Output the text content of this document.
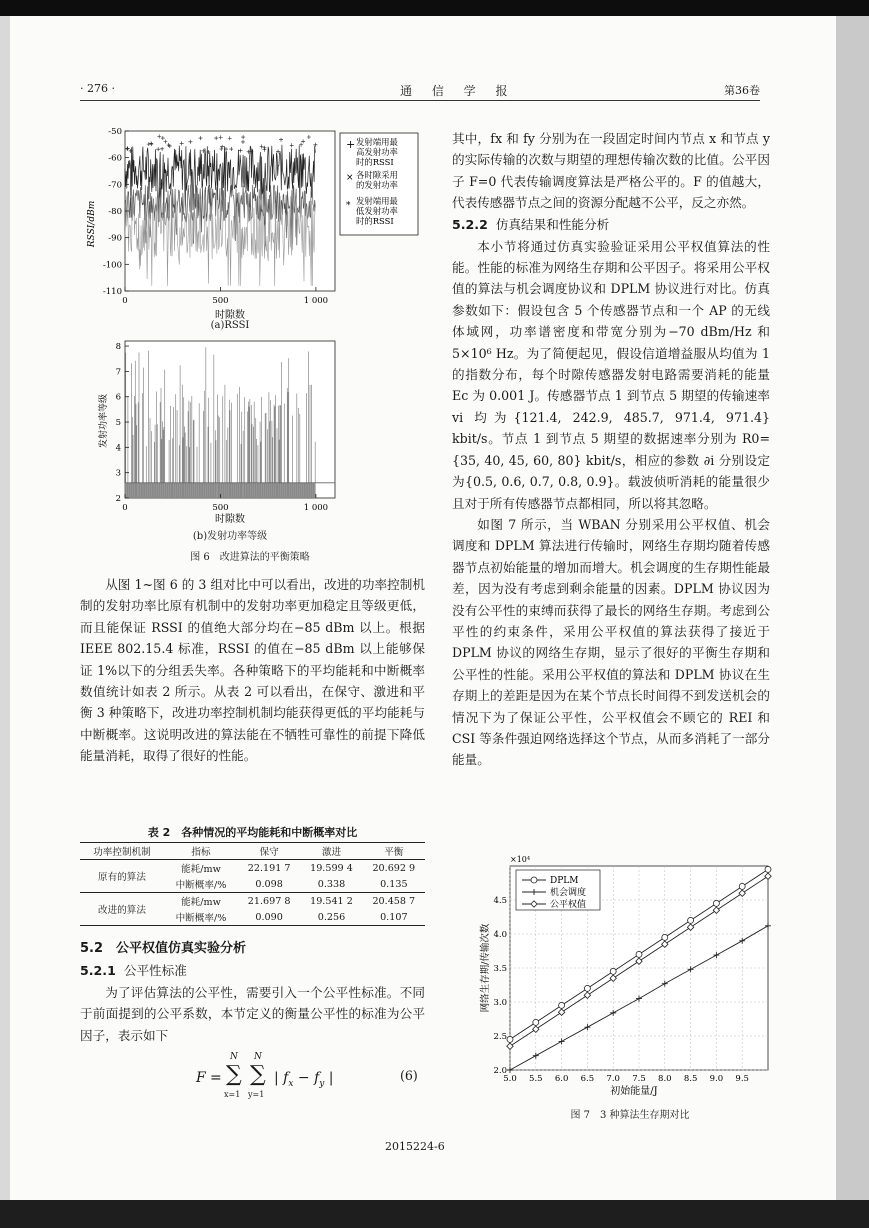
· 276 ·	通 信 学 报	第36卷
-50
-60
-70
-80
-90
-100
-110
0	500	1 000
+ 发射端用最高发射功率时的RSSI
× 各时隙采用的发射功率
* 发射端用最低发射功率时的RSSI
RSSI/dBm
时隙数
(a)RSSI
8
7
6
5
4
3
2
0	500	1 000
发射功率等级
时隙数
(b)发射功率等级
图 6　改进算法的平衡策略

从图 1~图 6 的 3 组对比中可以看出，改进的功率控制机制的发射功率比原有机制中的发射功率更加稳定且等级更低，而且能保证 RSSI 的值绝大部分均在−85 dBm 以上。根据 IEEE 802.15.4 标准，RSSI 的值在−85 dBm 以上能够保证 1%以下的分组丢失率。各种策略下的平均能耗和中断概率数值统计如表 2 所示。从表 2 可以看出，在保守、激进和平衡 3 种策略下，改进功率控制机制均能获得更低的平均能耗与中断概率。这说明改进的算法能在不牺牲可靠性的前提下降低能量消耗，取得了很好的性能。

表 2　各种情况的平均能耗和中断概率对比
功率控制机制	指标	保守	激进	平衡
原有的算法	能耗/mw	22.191 7	19.599 4	20.692 9
	中断概率/%	0.098	0.338	0.135
改进的算法	能耗/mw	21.697 8	19.541 2	20.458 7
	中断概率/%	0.090	0.256	0.107

5.2　公平权值仿真实验分析

5.2.1 公平性标准

为了评估算法的公平性，需要引入一个公平性标准。不同于前面提到的公平系数，本节定义的衡量公平性的标准为公平因子，表示如下

F =
N
∑
x=1
N
∑
y=1
| $f_x - f_y$ |	(6)

其中，fx 和 fy 分别为在一段固定时间内节点 x 和节点 y 的实际传输的次数与期望的理想传输次数的比值。公平因子 F=0 代表传输调度算法是严格公平的。F 的值越大，代表传感器节点之间的资源分配越不公平，反之亦然。

5.2.2 仿真结果和性能分析

本小节将通过仿真实验验证采用公平权值算法的性能。性能的标准为网络生存期和公平因子。将采用公平权值的算法与机会调度协议和 DPLM 协议进行对比。仿真参数如下：假设包含 5 个传感器节点和一个 AP 的无线体域网，功率谱密度和带宽分别为−70 dBm/Hz 和 5×10⁶ Hz。为了简便起见，假设信道增益服从均值为 1 的指数分布，每个时隙传感器发射电路需要消耗的能量 Ec 为 0.001 J。传感器节点 1 到节点 5 期望的传输速率 vi 均为{121.4, 242.9, 485.7, 971.4, 971.4} kbit/s。节点 1 到节点 5 期望的数据速率分别为 R0={35, 40, 45, 60, 80} kbit/s，相应的参数 ∂i 分别设定为{0.5, 0.6, 0.7, 0.8, 0.9}。载波侦听消耗的能量很少且对于所有传感器节点都相同，所以将其忽略。

如图 7 所示，当 WBAN 分别采用公平权值、机会调度和 DPLM 算法进行传输时，网络生存期均随着传感器节点初始能量的增加而增大。机会调度的生存期性能最差，因为没有考虑到剩余能量的因素。DPLM 协议因为没有公平性的束缚而获得了最长的网络生存期。考虑到公平性的约束条件，采用公平权值的算法获得了接近于 DPLM 协议的网络生存期，显示了很好的平衡生存期和公平性的性能。采用公平权值的算法和 DPLM 协议在生存期上的差距是因为在某个节点长时间得不到发送机会的情况下为了保证公平性，公平权值会不顾它的 REI 和 CSI 等条件强迫网络选择这个节点，从而多消耗了一部分能量。

×10⁴
2.0
2.5
3.0
3.5
4.0
4.5
5.0 5.5 6.0 6.5 7.0 7.5 8.0 8.5 9.0 9.5
DPLM
机会调度
公平权值
网络生存期/传输次数
初始能量/J
图 7　3 种算法生存期对比
2015224-6
